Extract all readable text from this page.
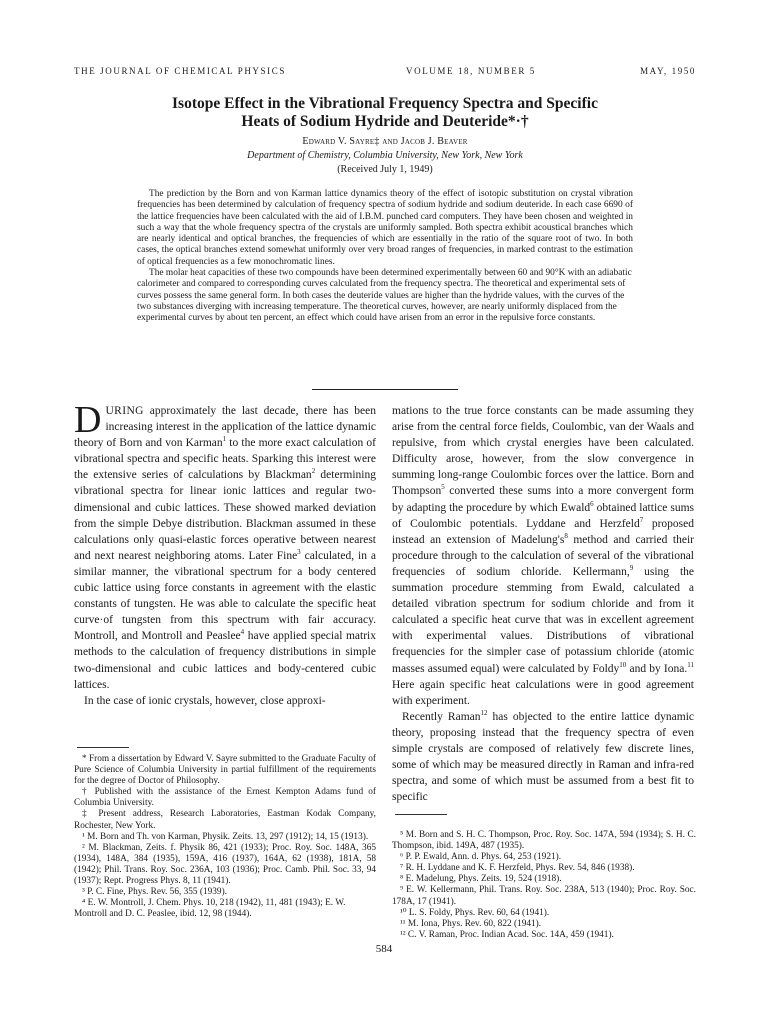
THE JOURNAL OF CHEMICAL PHYSICS	VOLUME 18, NUMBER 5	MAY, 1950
Isotope Effect in the Vibrational Frequency Spectra and Specific
Heats of Sodium Hydride and Deuteride*·†
Edward V. Sayre‡ and Jacob J. Beaver
Department of Chemistry, Columbia University, New York, New York
(Received July 1, 1949)

The prediction by the Born and von Karman lattice dynamics theory of the effect of isotopic substitution on crystal vibration frequencies has been determined by calculation of frequency spectra of sodium hydride and sodium deuteride. In each case 6690 of the lattice frequencies have been calculated with the aid of I.B.M. punched card computers. They have been chosen and weighted in such a way that the whole frequency spectra of the crystals are uniformly sampled. Both spectra exhibit acoustical branches which are nearly identical and optical branches, the frequencies of which are essentially in the ratio of the square root of two. In both cases, the optical branches extend somewhat uniformly over very broad ranges of frequencies, in marked contrast to the estimation of optical frequencies as a few monochromatic lines.

The molar heat capacities of these two compounds have been determined experimentally between 60 and 90°K with an adiabatic calorimeter and compared to corresponding curves calculated from the frequency spectra. The theoretical and experimental sets of curves possess the same general form. In both cases the deuteride values are higher than the hydride values, with the curves of the two substances diverging with increasing temperature. The theoretical curves, however, are nearly uniformly displaced from the experimental curves by about ten percent, an effect which could have arisen from an error in the repulsive force constants.

DURING approximately the last decade, there has been increasing interest in the application of the lattice dynamic theory of Born and von Karman$^1$ to the more exact calculation of vibrational spectra and specific heats. Sparking this interest were the extensive series of calculations by Blackman$^2$ determining vibrational spectra for linear ionic lattices and regular two-dimensional and cubic lattices. These showed marked deviation from the simple Debye distribution. Blackman assumed in these calculations only quasi-elastic forces operative between nearest and next nearest neighboring atoms. Later Fine$^3$ calculated, in a similar manner, the vibrational spectrum for a body centered cubic lattice using force constants in agreement with the elastic constants of tungsten. He was able to calculate the specific heat curve·of tungsten from this spectrum with fair accuracy. Montroll, and Montroll and Peaslee$^4$ have applied special matrix methods to the calculation of frequency distributions in simple two-dimensional and cubic lattices and body-centered cubic lattices.

In the case of ionic crystals, however, close approxi-

mations to the true force constants can be made assuming they arise from the central force fields, Coulombic, van der Waals and repulsive, from which crystal energies have been calculated. Difficulty arose, however, from the slow convergence in summing long-range Coulombic forces over the lattice. Born and Thompson$^5$ converted these sums into a more convergent form by adapting the procedure by which Ewald$^6$ obtained lattice sums of Coulombic potentials. Lyddane and Herzfeld$^7$ proposed instead an extension of $Madelung's^8$ method and carried their procedure through to the calculation of several of the vibrational frequencies of sodium chloride. Kellermann,$^9$ using the summation procedure stemming from Ewald, calculated a detailed vibration spectrum for sodium chloride and from it calculated a specific heat curve that was in excellent agreement with experimental values. Distributions of vibrational frequencies for the simpler case of potassium chloride (atomic masses assumed equal) were calculated by Foldy$^{10}$ and by Iona.$^{11}$ Here again specific heat calculations were in good agreement with experiment.

Recently Raman$^{12}$ has objected to the entire lattice dynamic theory, proposing instead that the frequency spectra of even simple crystals are composed of relatively few discrete lines, some of which may be measured directly in Raman and infra-red spectra, and some of which must be assumed from a best fit to specific

* From a dissertation by Edward V. Sayre submitted to the Graduate Faculty of Pure Science of Columbia University in partial fulfillment of the requirements for the degree of Doctor of Philosophy.

† Published with the assistance of the Ernest Kempton Adams fund of Columbia University.

‡ Present address, Research Laboratories, Eastman Kodak Company, Rochester, New York.

¹ M. Born and Th. von Karman, Physik. Zeits. 13, 297 (1912); 14, 15 (1913).

² M. Blackman, Zeits. f. Physik 86, 421 (1933); Proc. Roy. Soc. 148A, 365 (1934), 148A, 384 (1935), 159A, 416 (1937), 164A, 62 (1938), 181A, 58 (1942); Phil. Trans. Roy. Soc. 236A, 103 (1936); Proc. Camb. Phil. Soc. 33, 94 (1937); Rept. Progress Phys. 8, 11 (1941).

³ P. C. Fine, Phys. Rev. 56, 355 (1939).

⁴ E. W. Montroll, J. Chem. Phys. 10, 218 (1942), 11, 481 (1943); E. W. Montroll and D. C. Peaslee, ibid. 12, 98 (1944).

⁵ M. Born and S. H. C. Thompson, Proc. Roy. Soc. 147A, 594 (1934); S. H. C. Thompson, ibid. 149A, 487 (1935).

⁶ P. P. Ewald, Ann. d. Phys. 64, 253 (1921).

⁷ R. H. Lyddane and K. F. Herzfeld, Phys. Rev. 54, 846 (1938).

⁸ E. Madelung, Phys. Zeits. 19, 524 (1918).

⁹ E. W. Kellermann, Phil. Trans. Roy. Soc. 238A, 513 (1940); Proc. Roy. Soc. 178A, 17 (1941).

¹⁰ L. S. Foldy, Phys. Rev. 60, 64 (1941).

¹¹ M. Iona, Phys. Rev. 60, 822 (1941).

¹² C. V. Raman, Proc. Indian Acad. Soc. 14A, 459 (1941).

584
